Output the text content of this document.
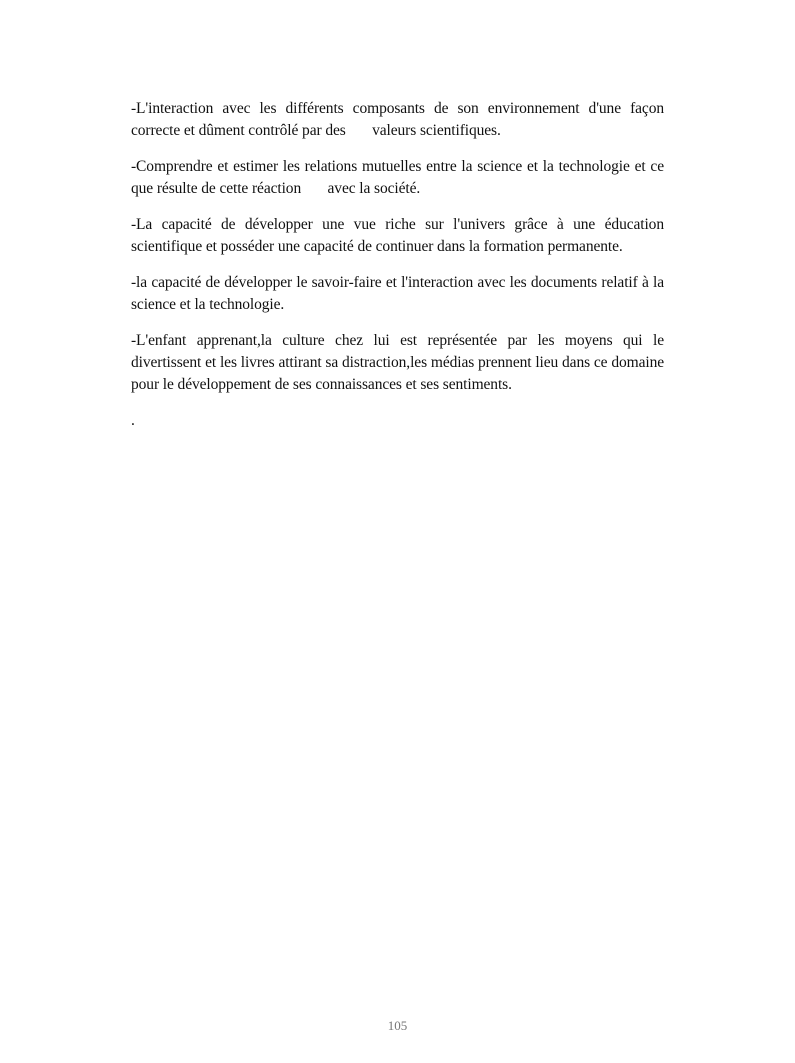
-L'interaction avec les différents composants de son environnement d'une façon correcte et dûment contrôlé par des       valeurs scientifiques.

-Comprendre et estimer les relations mutuelles entre la science et la technologie et ce que résulte de cette réaction       avec la société.

-La capacité de développer une vue riche sur l'univers grâce à une éducation scientifique et posséder une capacité de continuer dans la formation permanente.

-la capacité de développer le savoir-faire et l'interaction avec les documents relatif à la science et la technologie.

-L'enfant apprenant,la culture chez lui est représentée par les moyens qui le divertissent et les livres attirant sa distraction,les médias prennent lieu dans ce domaine pour le développement de ses connaissances et ses sentiments.

.

105
